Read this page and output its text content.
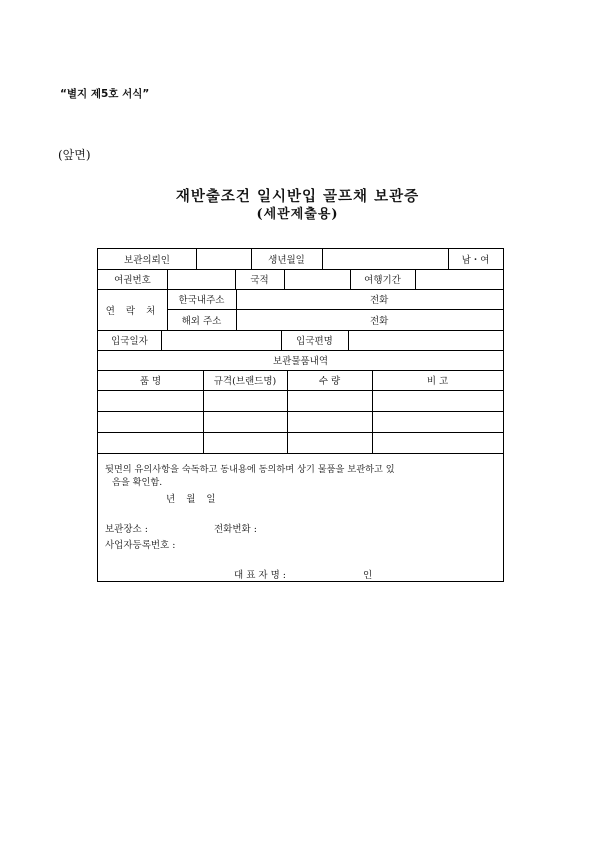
“별지 제5호 서식”
(앞면)
재반출조건 일시반입 골프채 보관증
(세관제출용)
보관의뢰인	생년월일	남・여
여권번호	국적	여행기간
연 락 처
한국내주소	전화
해외 주소	전화
입국일자	입국편명
보관물품내역
품 명	규격(브랜드명)	수 량	비 고
뒷면의 유의사항을 숙독하고 동내용에 동의하며 상기 물품을 보관하고 있
음을 확인함.
년 월 일
보관장소 :	전화번화 :
사업자등록번호 :
대 표 자 명 :	인
